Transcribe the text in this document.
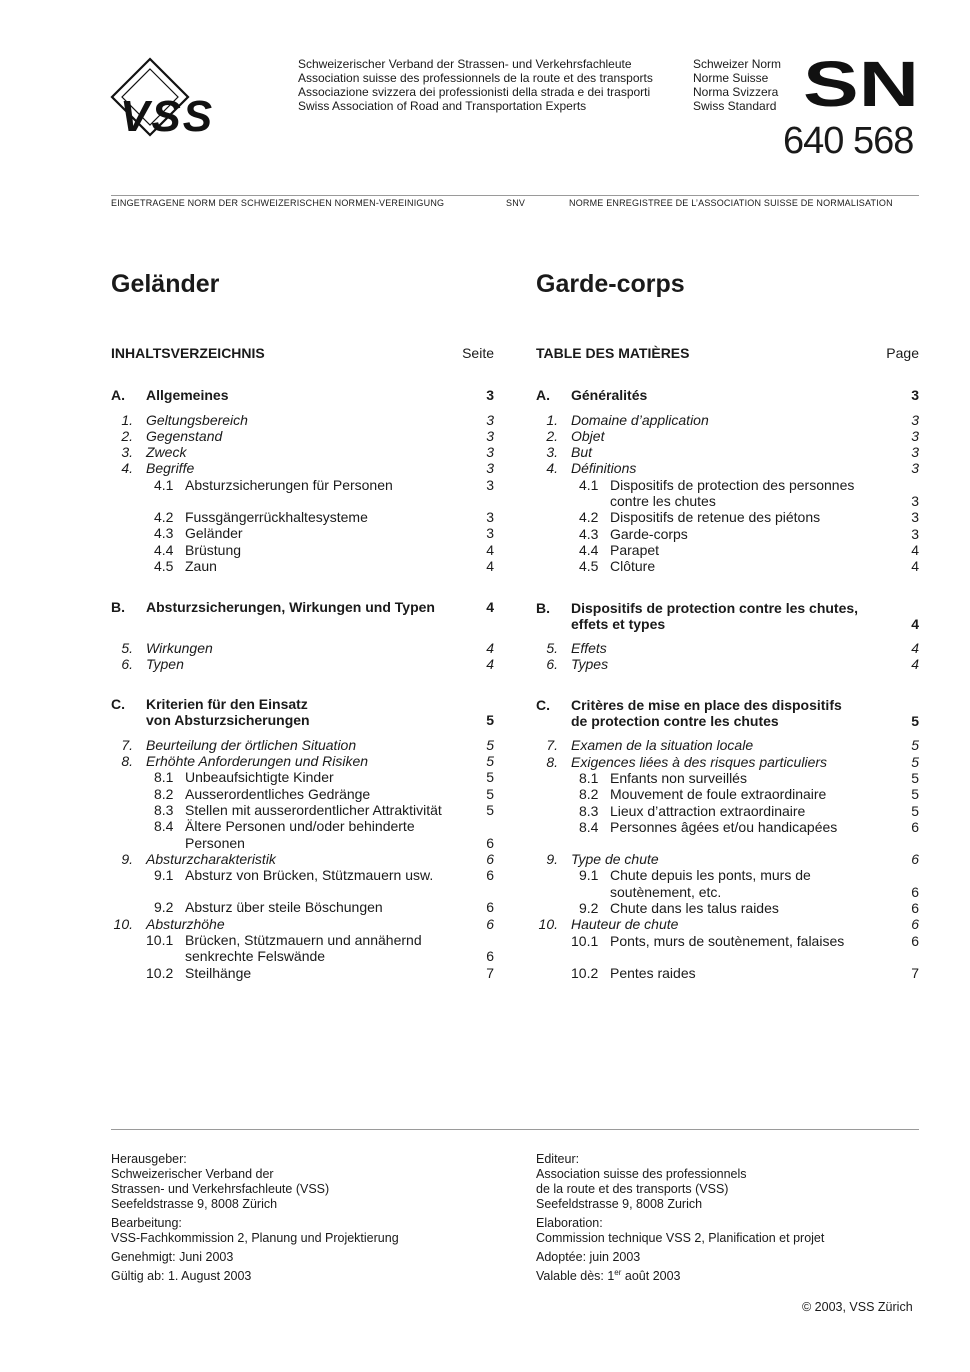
VSS
Schweizerischer Verband der Strassen- und Verkehrsfachleute
Association suisse des professionnels de la route et des transports
Associazione svizzera dei professionisti della strada e dei trasporti
Swiss Association of Road and Transportation Experts
Schweizer Norm
Norme Suisse
Norma Svizzera
Swiss Standard SN
640 568
EINGETRAGENE NORM DER SCHWEIZERISCHEN NORMEN-VEREINIGUNG	SNV	NORME ENREGISTREE DE L’ASSOCIATION SUISSE DE NORMALISATION
Geländer	Garde-corps
INHALTSVERZEICHNIS	Seite
A.	Allgemeines	3
1. Geltungsbereich	3
2. Gegenstand	3
3. Zweck	3
4. Begriffe	3
4.1 Absturzsicherungen für Personen	3
4.2 Fussgängerrückhaltesysteme	3
4.3 Geländer	3
4.4 Brüstung	4
4.5 Zaun	4
B.	Absturzsicherungen, Wirkungen und Typen	4
5. Wirkungen	4
6. Typen	4
C.	Kriterien für den Einsatz
von Absturzsicherungen	5
7. Beurteilung der örtlichen Situation	5
8. Erhöhte Anforderungen und Risiken	5
8.1 Unbeaufsichtigte Kinder	5
8.2 Ausserordentliches Gedränge	5
8.3 Stellen mit ausserordentlicher Attraktivität	5
8.4 Ältere Personen und/oder behinderte
Personen	6
9. Absturzcharakteristik	6
9.1 Absturz von Brücken, Stützmauern usw.	6
9.2 Absturz über steile Böschungen	6
10. Absturzhöhe	6
10.1 Brücken, Stützmauern und annähernd
senkrechte Felswände	6
10.2 Steilhänge	7
TABLE DES MATIÈRES	Page
A.	Généralités	3
1. Domaine d’application	3
2. Objet	3
3. But	3
4. Définitions	3
4.1 Dispositifs de protection des personnes
contre les chutes	3
4.2 Dispositifs de retenue des piétons	3
4.3 Garde-corps	3
4.4 Parapet	4
4.5 Clôture	4
B.	Dispositifs de protection contre les chutes,
effets et types	4
5. Effets	4
6. Types	4
C.	Critères de mise en place des dispositifs
de protection contre les chutes	5
7. Examen de la situation locale	5
8. Exigences liées à des risques particuliers	5
8.1 Enfants non surveillés	5
8.2 Mouvement de foule extraordinaire	5
8.3 Lieux d’attraction extraordinaire	5
8.4 Personnes âgées et/ou handicapées	6
9. Type de chute	6
9.1 Chute depuis les ponts, murs de
soutènement, etc.	6
9.2 Chute dans les talus raides	6
10. Hauteur de chute	6
10.1 Ponts, murs de soutènement, falaises	6
10.2 Pentes raides	7

Herausgeber:
Schweizerischer Verband der
Strassen- und Verkehrsfachleute (VSS)
Seefeldstrasse 9, 8008 Zürich

Bearbeitung:
VSS-Fachkommission 2, Planung und Projektierung

Genehmigt: Juni 2003

Gültig ab: 1. August 2003

Editeur:
Association suisse des professionnels
de la route et des transports (VSS)
Seefeldstrasse 9, 8008 Zurich

Elaboration:
Commission technique VSS 2, Planification et projet

Adoptée: juin 2003

Valable dès: 1er août 2003

© 2003, VSS Zürich
